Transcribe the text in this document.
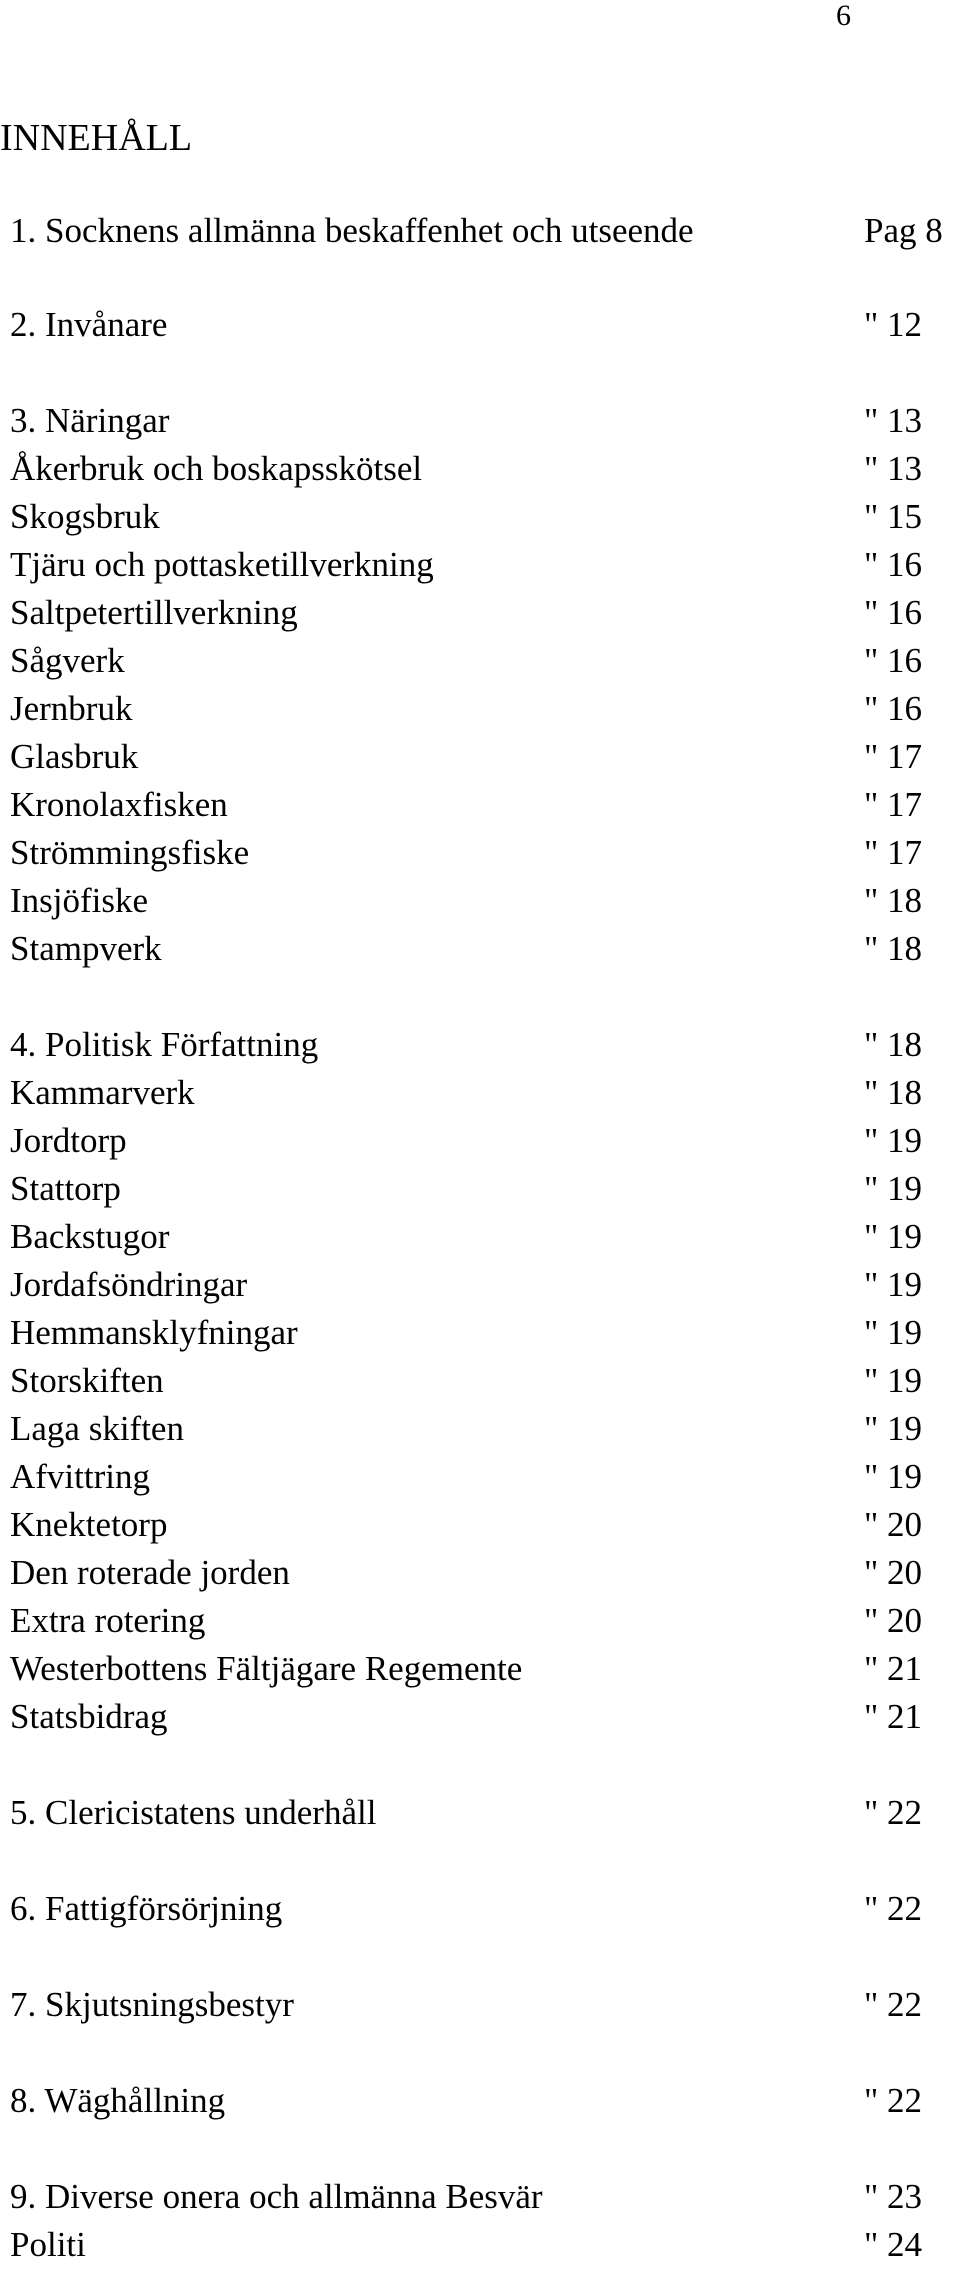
6
INNEHÅLL
1. Socknens allmänna beskaffenhet och utseende	Pag 8
2. Invånare	" 12
3. Näringar	" 13
Åkerbruk och boskapsskötsel	" 13
Skogsbruk	" 15
Tjäru och pottasketillverkning	" 16
Saltpetertillverkning	" 16
Sågverk	" 16
Jernbruk	" 16
Glasbruk	" 17
Kronolaxfisken	" 17
Strömmingsfiske	" 17
Insjöfiske	" 18
Stampverk	" 18
4. Politisk Författning	" 18
Kammarverk	" 18
Jordtorp	" 19
Stattorp	" 19
Backstugor	" 19
Jordafsöndringar	" 19
Hemmansklyfningar	" 19
Storskiften	" 19
Laga skiften	" 19
Afvittring	" 19
Knektetorp	" 20
Den roterade jorden	" 20
Extra rotering	" 20
Westerbottens Fältjägare Regemente	" 21
Statsbidrag	" 21
5. Clericistatens underhåll	" 22
6. Fattigförsörjning	" 22
7. Skjutsningsbestyr	" 22
8. Wäghållning	" 22
9. Diverse onera och allmänna Besvär	" 23
Politi	" 24
